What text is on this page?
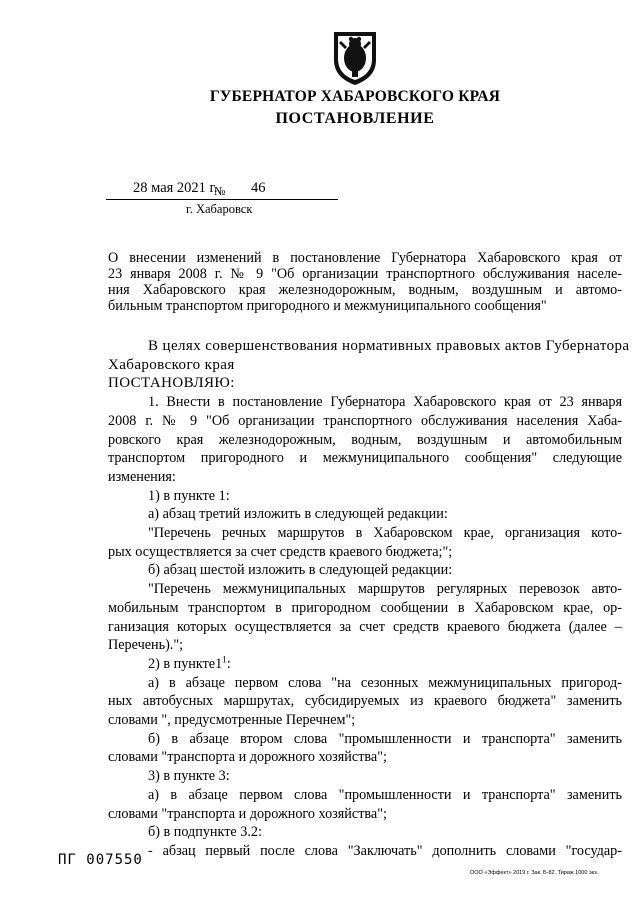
ГУБЕРНАТОР ХАБАРОВСКОГО КРАЯ
ПОСТАНОВЛЕНИЕ
28 мая 2021 г.
№ 46
г. Хабаровск
О внесении изменений в постановление Губернатора Хабаровского края от
23 января 2008 г. № 9 "Об организации транспортного обслуживания населе-
ния Хабаровского края железнодорожным, водным, воздушным и автомо-
бильным транспортом пригородного и межмуниципального сообщения"
В целях совершенствования нормативных правовых актов Губернатора
Хабаровского края
ПОСТАНОВЛЯЮ:
1. Внести в постановление Губернатора Хабаровского края от 23 января
2008 г. № 9 "Об организации транспортного обслуживания населения Хаба-
ровского края железнодорожным, водным, воздушным и автомобильным
транспортом пригородного и межмуниципального сообщения" следующие
изменения:
1) в пункте 1:
а) абзац третий изложить в следующей редакции:
"Перечень речных маршрутов в Хабаровском крае, организация кото-
рых осуществляется за счет средств краевого бюджета;";
б) абзац шестой изложить в следующей редакции:
"Перечень межмуниципальных маршрутов регулярных перевозок авто-
мобильным транспортом в пригородном сообщении в Хабаровском крае, ор-
ганизация которых осуществляется за счет средств краевого бюджета (далее –
Перечень).";
2) в $пункте1^1$:
а) в абзаце первом слова "на сезонных межмуниципальных пригород-
ных автобусных маршрутах, субсидируемых из краевого бюджета" заменить
словами ", предусмотренные Перечнем";
б) в абзаце втором слова "промышленности и транспорта" заменить
словами "транспорта и дорожного хозяйства";
3) в пункте 3:
а) в абзаце первом слова "промышленности и транспорта" заменить
словами "транспорта и дорожного хозяйства";
б) в подпункте 3.2:
- абзац первый после слова "Заключать" дополнить словами "государ-
ПГ 007550
ООО «Эффект» 2019 г. Зак. Б-82. Тираж 1000 экз.
